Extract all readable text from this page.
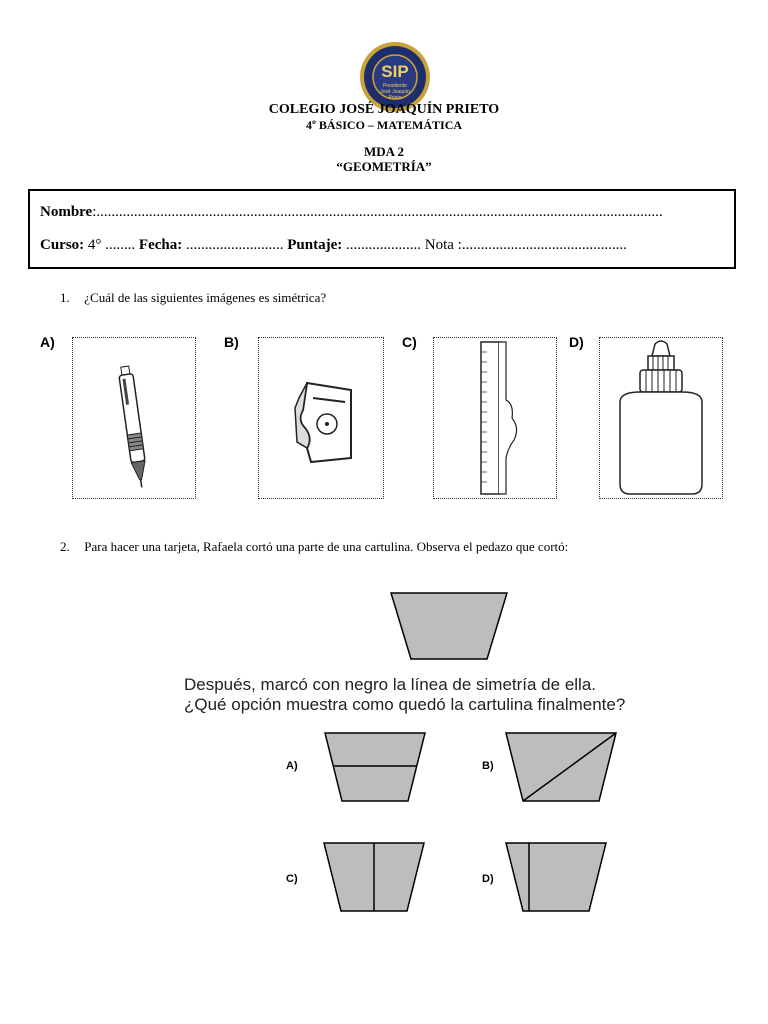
SIP
Presidente
José Joaquín
Prieto
COLEGIO JOSÉ JOAQUÍN PRIETO
4º BÁSICO – MATEMÁTICA
MDA 2
“GEOMETRÍA”
Nombre:.......................................................................................................................................................
Curso: 4° ........ Fecha: .......................... Puntaje: .................... Nota :............................................
1. ¿Cuál de las siguientes imágenes es simétrica?
A)	B)	C)	D)
2. Para hacer una tarjeta, Rafaela cortó una parte de una cartulina. Observa el pedazo que cortó:
Después, marcó con negro la línea de simetría de ella.
¿Qué opción muestra como quedó la cartulina finalmente?
A)	B)
C)	D)
